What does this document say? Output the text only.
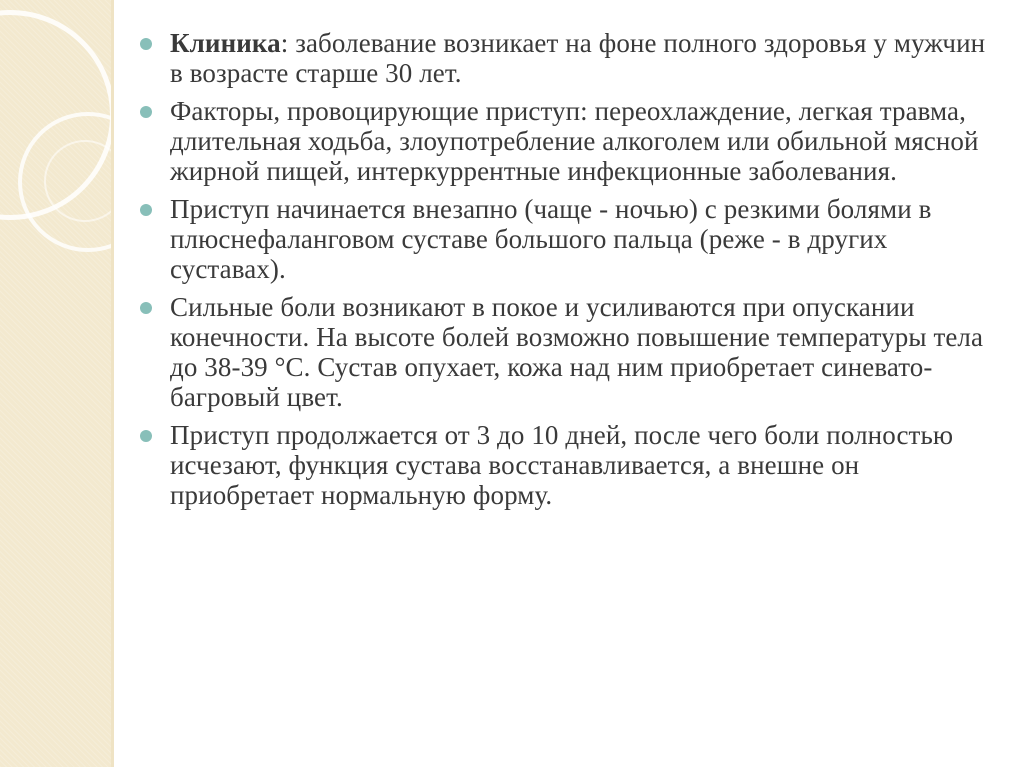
Клиника: заболевание возникает на фоне полного здоровья у мужчин в возрасте старше 30 лет.
Факторы, провоцирующие приступ: переохлаждение, легкая травма, длительная ходьба, злоупотребление алкоголем или обильной мясной жирной пищей, интеркуррентные инфекционные заболевания.
Приступ начинается внезапно (чаще - ночью) с резкими болями в плюснефаланговом суставе большого пальца (реже - в других суставах).
Сильные боли возникают в покое и усиливаются при опускании конечности. На высоте болей возможно повышение температуры тела до 38-39 °С. Сустав опухает, кожа над ним приобретает синевато-багровый цвет.
Приступ продолжается от 3 до 10 дней, после чего боли полностью исчезают, функция сустава восстанавливается, а внешне он приобретает нормальную форму.
